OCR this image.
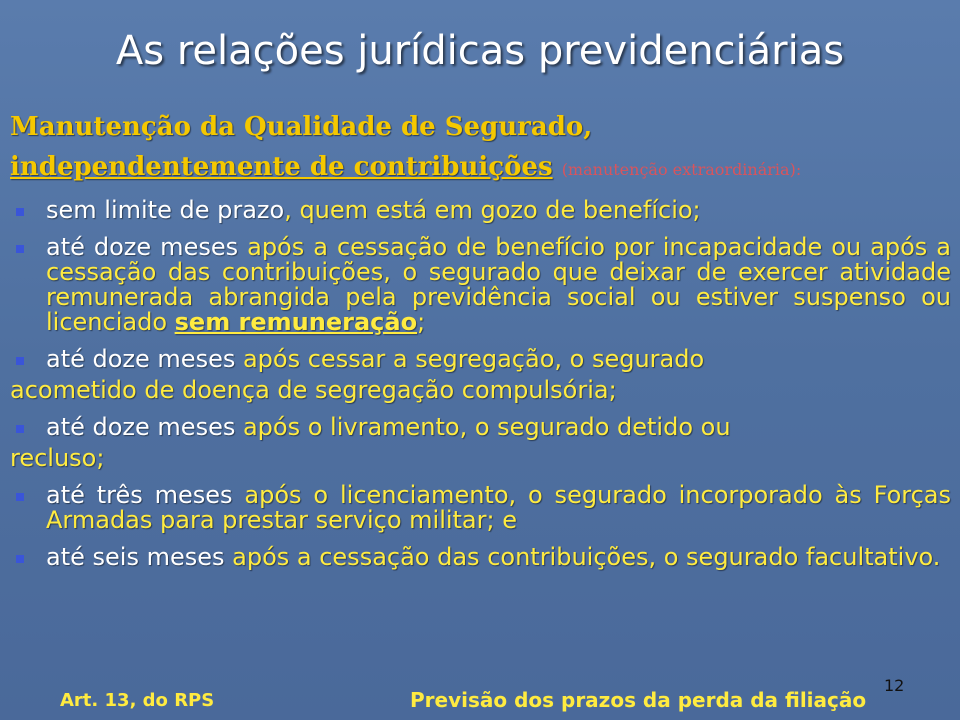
As relações jurídicas previdenciárias
Manutenção da Qualidade de Segurado,
independentemente de contribuições (manutenção extraordinária):
sem limite de prazo, quem está em gozo de benefício;
até doze meses após a cessação de benefício por incapacidade ou após a cessação das contribuições, o segurado que deixar de exercer atividade remunerada abrangida pela previdência social ou estiver suspenso ou licenciado sem remuneração;
até doze meses após cessar a segregação, o segurado
acometido de doença de segregação compulsória;
até doze meses após o livramento, o segurado detido ou
recluso;
até três meses após o licenciamento, o segurado incorporado às Forças Armadas para prestar serviço militar; e
até seis meses após a cessação das contribuições, o segurado facultativo.
Art. 13, do RPS	Previsão dos prazos da perda da filiação
12
